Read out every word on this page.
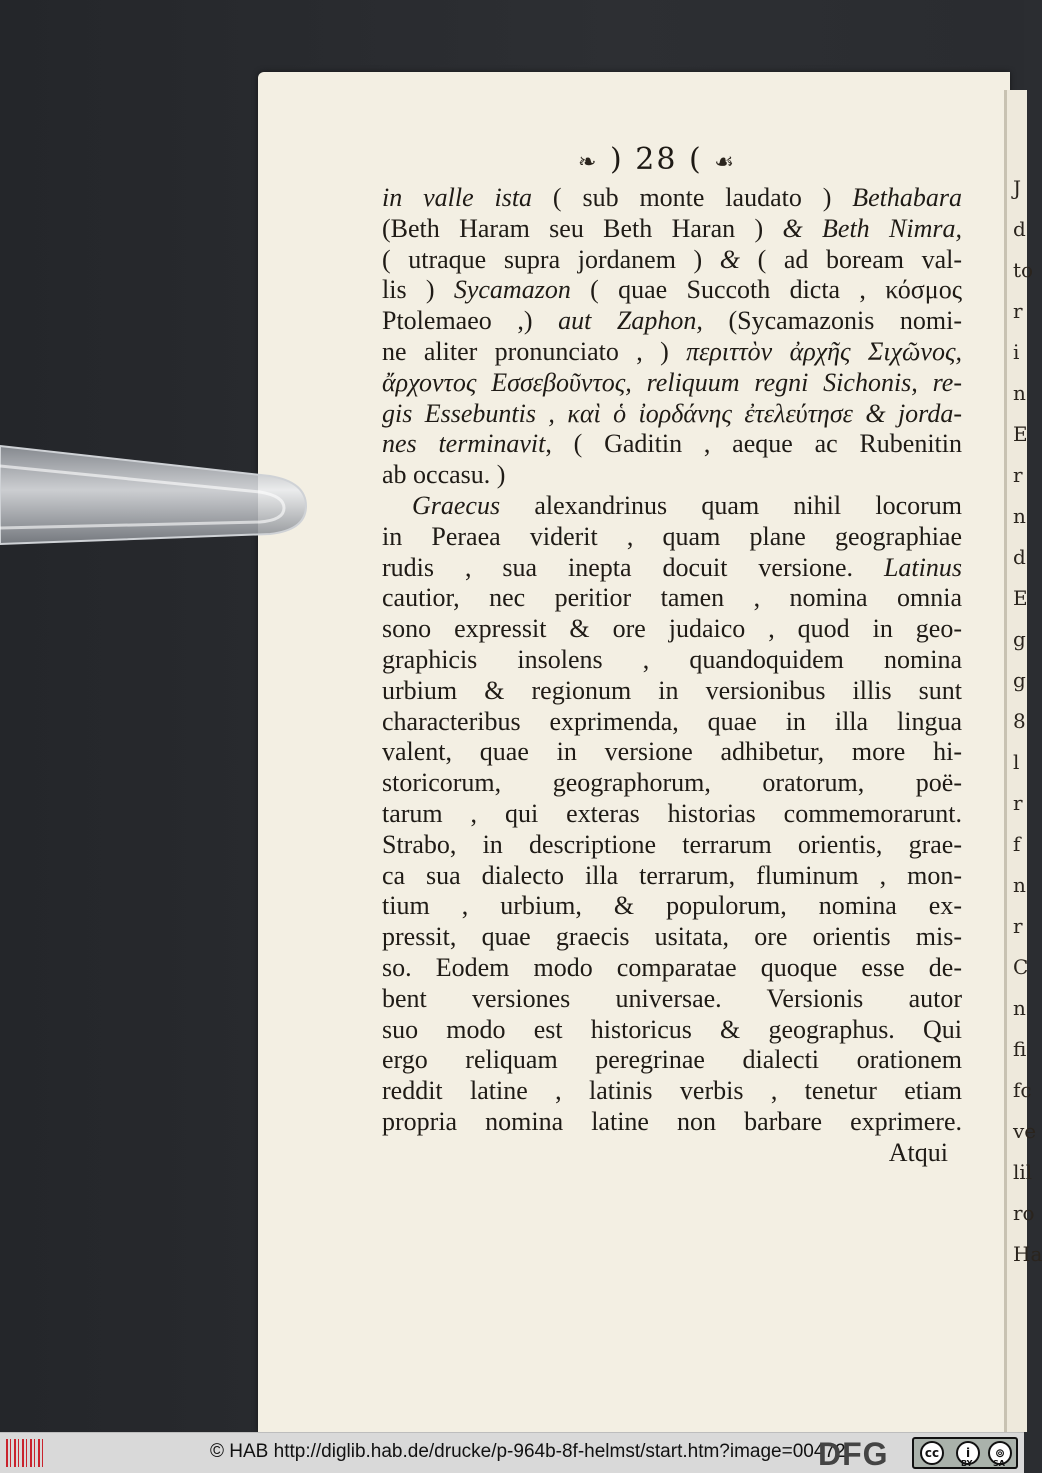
J
d
to
r
i
n
E
r
n
d
E
g
g
8
l
r
f
n
r
C
n
fi
fc
ve
lil
ro
Ha
❧ ) 28 ( ☙
in valle ista ( sub monte laudato ) Bethabara
(Beth Haram seu Beth Haran ) & Beth Nimra,
( utraque supra jordanem ) & ( ad boream val-
lis ) Sycamazon ( quae Succoth dicta , κόσμος
Ptolemaeo ,) aut Zaphon, (Sycamazonis nomi-
ne aliter pronunciato , ) περιττὸν ἀρχῆς Σιχῶνος,
ἄρχοντος Εσσεβοῦντος, reliquum regni Sichonis, re-
gis Essebuntis , καὶ ὁ ἰορδάνης ἐτελεύτησε & jorda-
nes terminavit, ( Gaditin , aeque ac Rubenitin
ab occasu. )
Graecus alexandrinus quam nihil locorum
in Peraea viderit , quam plane geographiae
rudis , sua inepta docuit versione. Latinus
cautior, nec peritior tamen , nomina omnia
sono expressit & ore judaico , quod in geo-
graphicis insolens , quandoquidem nomina
urbium & regionum in versionibus illis sunt
characteribus exprimenda, quae in illa lingua
valent, quae in versione adhibetur, more hi-
storicorum, geographorum, oratorum, poë-
tarum , qui exteras historias commemorarunt.
Strabo, in descriptione terrarum orientis, grae-
ca sua dialecto illa terrarum, fluminum , mon-
tium , urbium, & populorum, nomina ex-
pressit, quae graecis usitata, ore orientis mis-
so. Eodem modo comparatae quoque esse de-
bent versiones universae. Versionis autor
suo modo est historicus & geographus. Qui
ergo reliquam peregrinae dialecti orationem
reddit latine , latinis verbis , tenetur etiam
propria nomina latine non barbare exprimere.
Atqui
© HAB http://diglib.hab.de/drucke/p-964b-8f-helmst/start.htm?image=00472
DFG	cc	i	⊚
BY	SA
